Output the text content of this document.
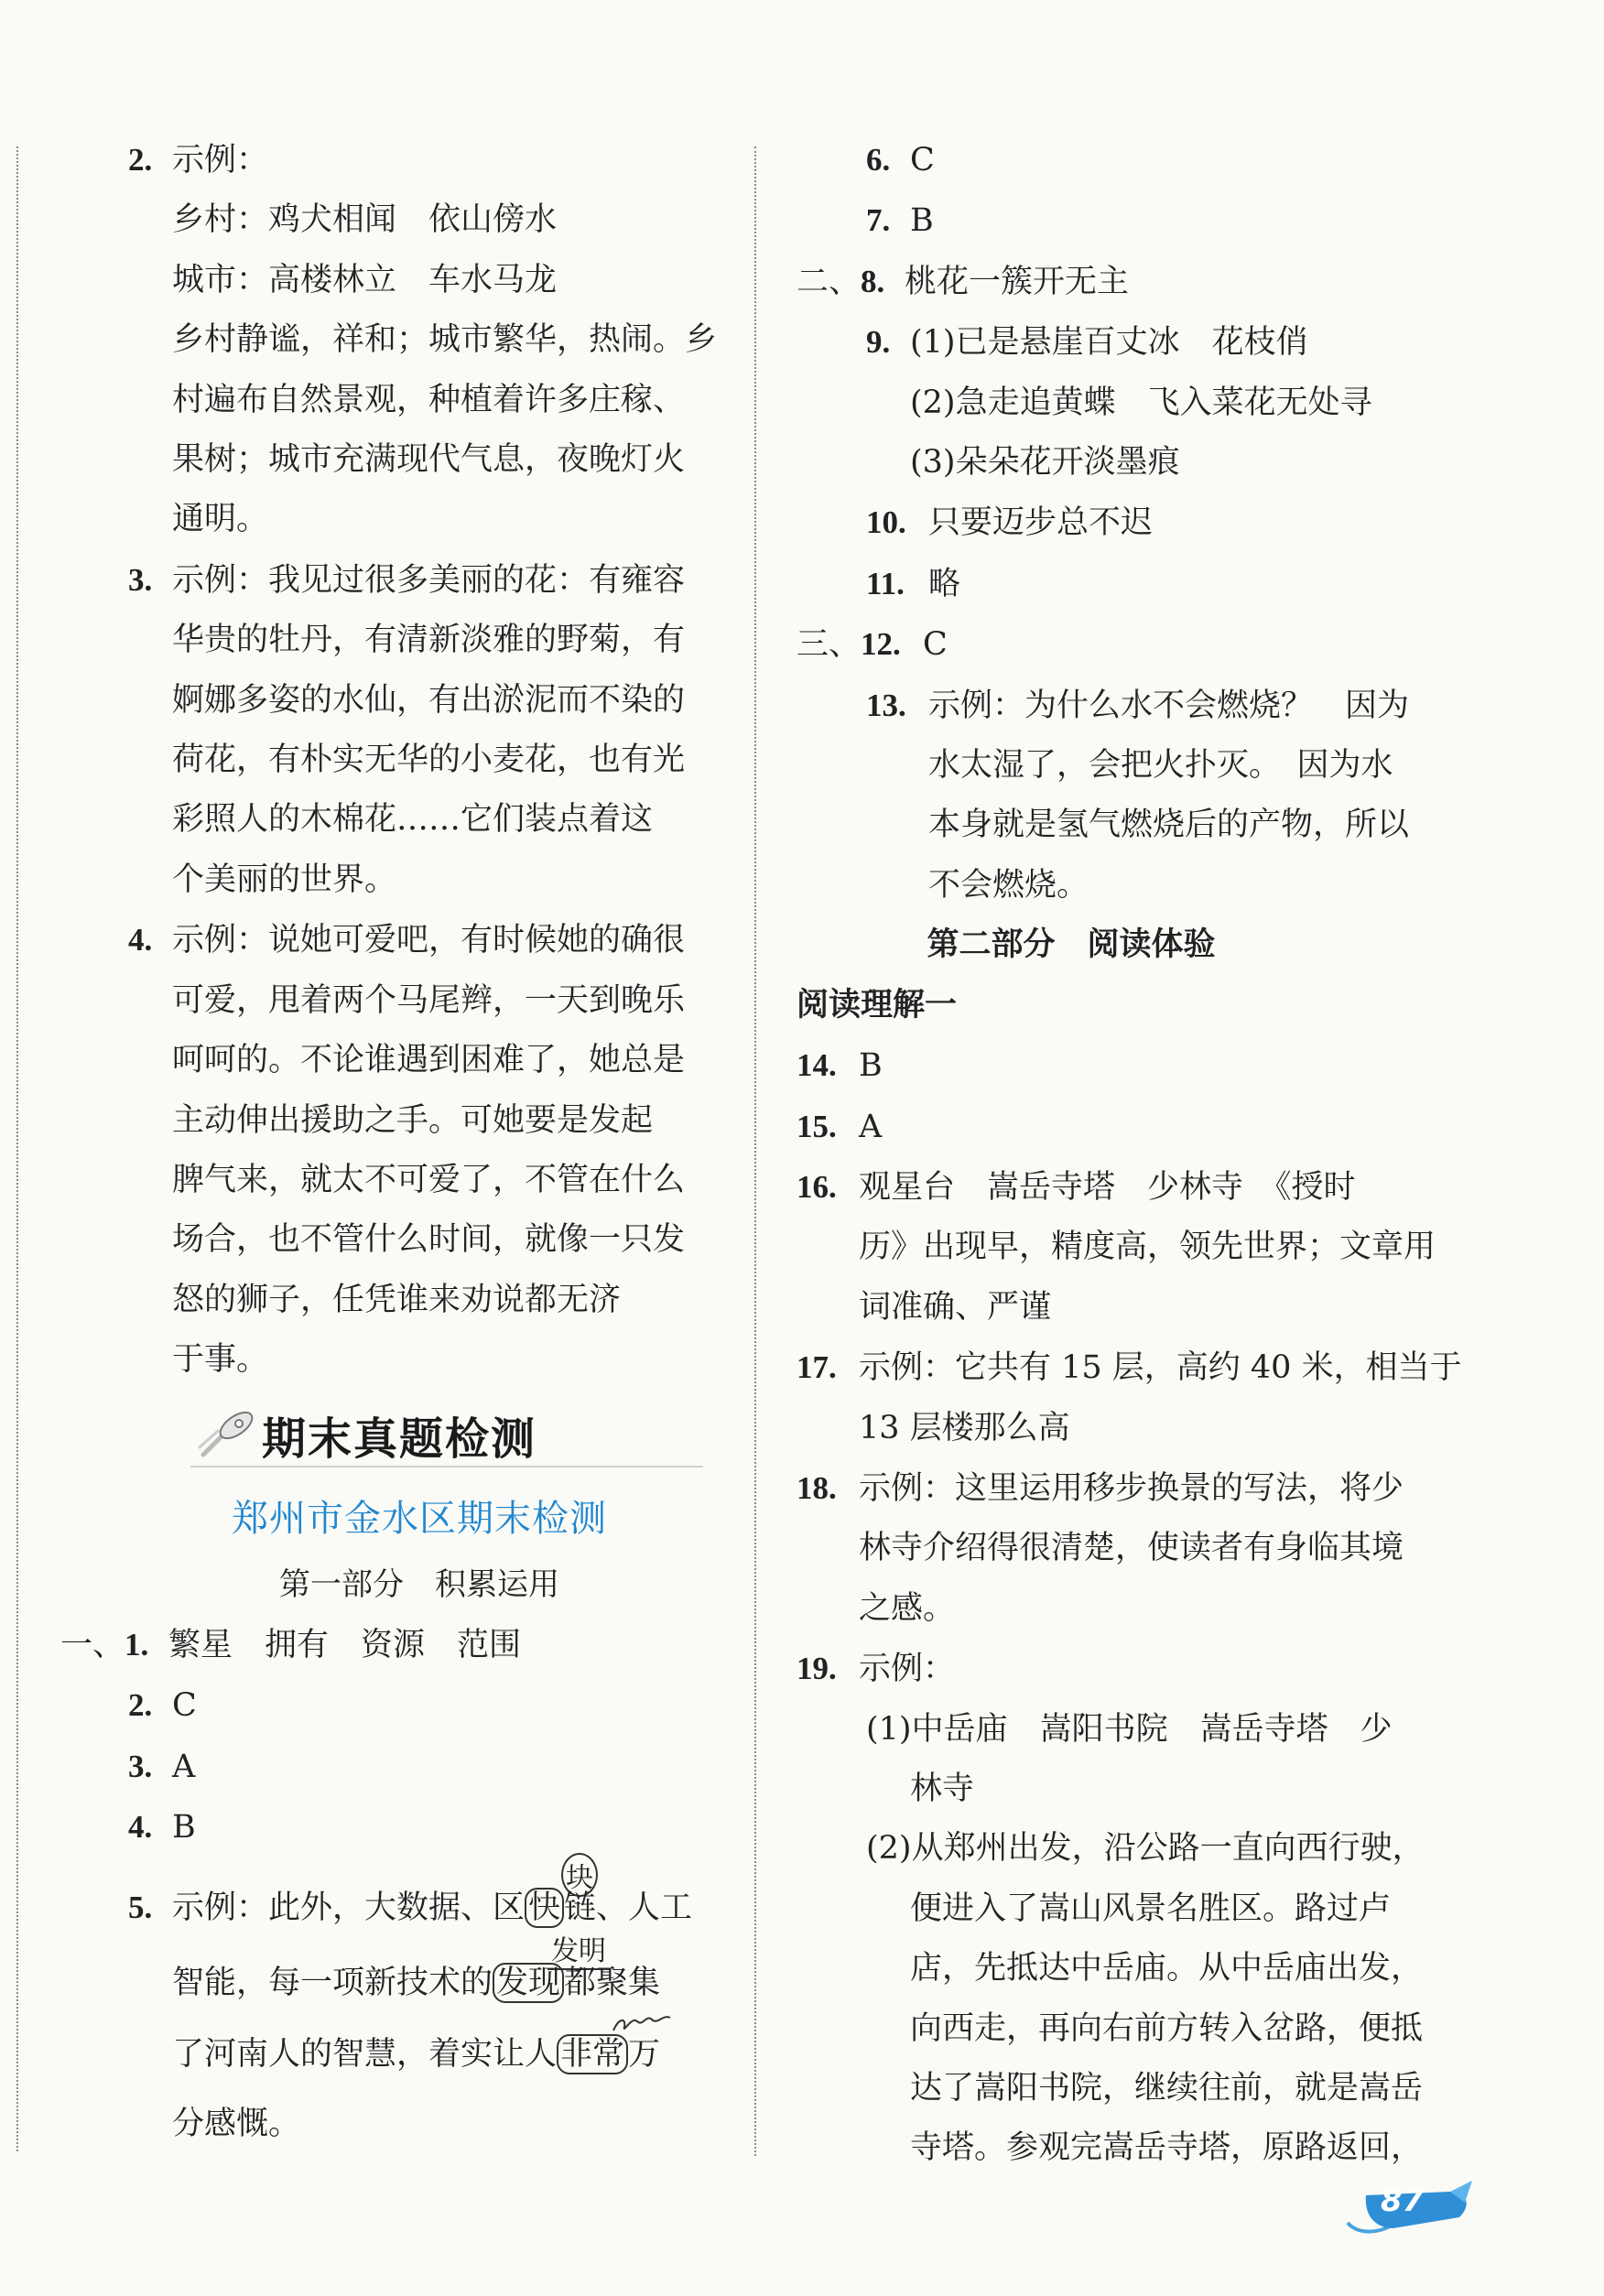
2. 示例：
乡村：鸡犬相闻　依山傍水
城市：高楼林立　车水马龙
乡村静谧，祥和；城市繁华，热闹。乡
村遍布自然景观，种植着许多庄稼、
果树；城市充满现代气息，夜晚灯火
通明。
3. 示例：我见过很多美丽的花：有雍容
华贵的牡丹，有清新淡雅的野菊，有
婀娜多姿的水仙，有出淤泥而不染的
荷花，有朴实无华的小麦花，也有光
彩照人的木棉花……它们装点着这
个美丽的世界。
4. 示例：说她可爱吧，有时候她的确很
可爱，甩着两个马尾辫，一天到晚乐
呵呵的。不论谁遇到困难了，她总是
主动伸出援助之手。可她要是发起
脾气来，就太不可爱了，不管在什么
场合，也不管什么时间，就像一只发
怒的狮子，任凭谁来劝说都无济
于事。
期末真题检测
郑州市金水区期末检测
第一部分　积累运用
一、1. 繁星　拥有　资源　范围
2. C
3. A
4. B
块
5. 示例：此外，大数据、区 快 链、人工
发明
智能，每一项新技术的 发现 都聚集
了河南人的智慧，着实让人 非常 万
分感慨。
6. C
7. B
二、8. 桃花一簇开无主
9. (1)已是悬崖百丈冰　花枝俏
(2)急走追黄蝶　飞入菜花无处寻
(3)朵朵花开淡墨痕
10. 只要迈步总不迟
11. 略
三、12. C
13. 示例：为什么水不会燃烧？　因为
水太湿了，会把火扑灭。　因为水
本身就是氢气燃烧后的产物，所以
不会燃烧。
第二部分　阅读体验
阅读理解一
14. B
15. A
16. 观星台　嵩岳寺塔　少林寺　《授时
历》出现早，精度高，领先世界；文章用
词准确、严谨
17. 示例：它共有 15 层，高约 40 米，相当于
13 层楼那么高
18. 示例：这里运用移步换景的写法，将少
林寺介绍得很清楚，使读者有身临其境
之感。
19. 示例：
(1)中岳庙　嵩阳书院　嵩岳寺塔　少
林寺
(2)从郑州出发，沿公路一直向西行驶，
便进入了嵩山风景名胜区。路过卢
店，先抵达中岳庙。从中岳庙出发，
向西走，再向右前方转入岔路，便抵
达了嵩阳书院，继续往前，就是嵩岳
寺塔。参观完嵩岳寺塔，原路返回，
87
